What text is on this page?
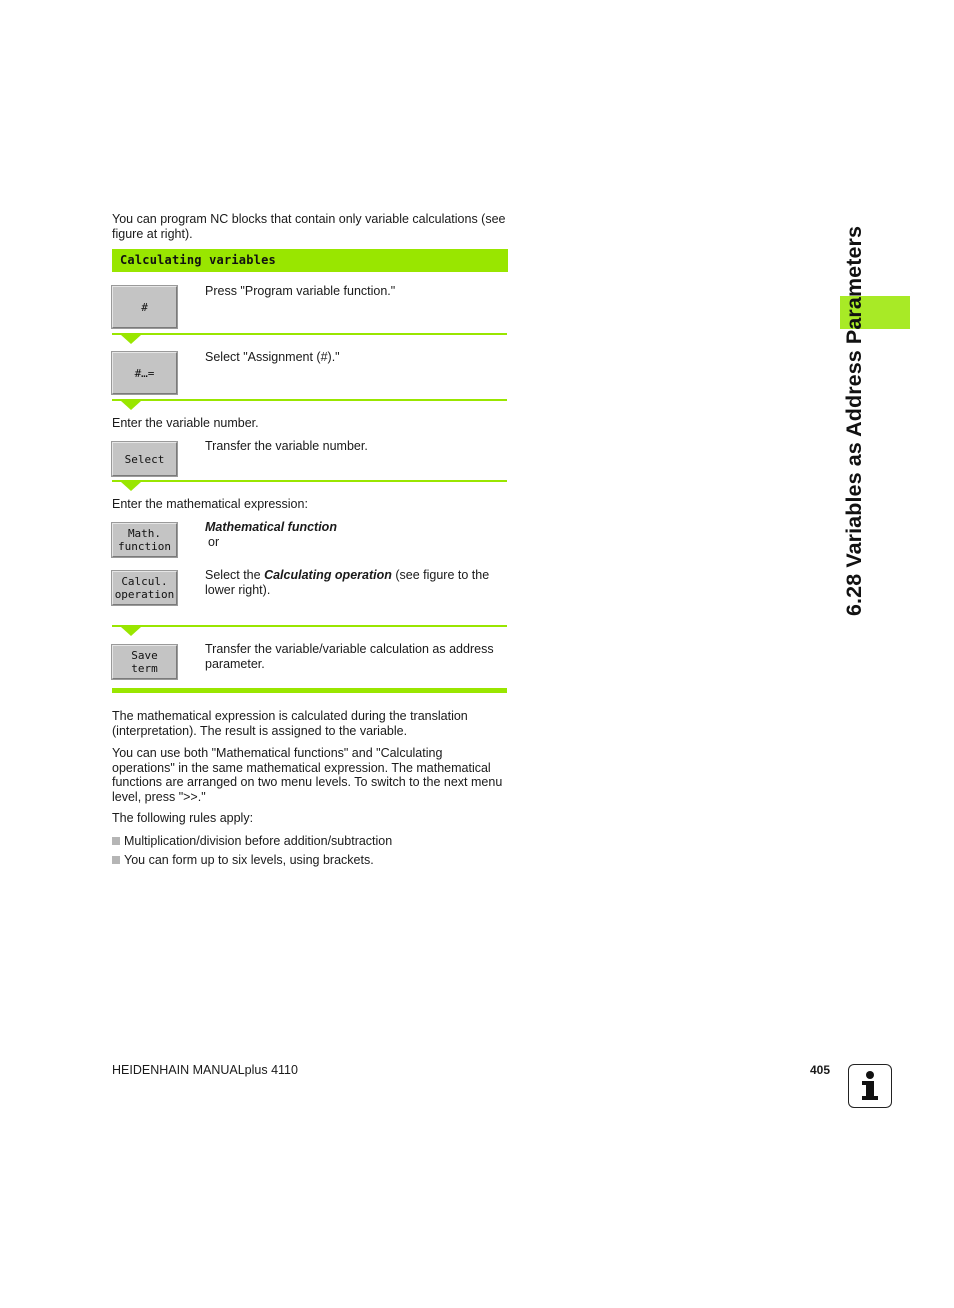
You can program NC blocks that contain only variable calculations (see figure at right).
Calculating variables
#
Press "Program variable function."
#…=
Select "Assignment (#)."
Enter the variable number.
Select
Transfer the variable number.
Enter the mathematical expression:
Math.
function
Mathematical function
or
Calcul.
operation
Select the Calculating operation (see figure to the lower right).
Save
term
Transfer the variable/variable calculation as address parameter.
The mathematical expression is calculated during the translation (interpretation). The result is assigned to the variable.
You can use both "Mathematical functions" and "Calculating operations" in the same mathematical expression. The mathematical functions are arranged on two menu levels. To switch to the next menu level, press ">>."
The following rules apply:
Multiplication/division before addition/subtraction
You can form up to six levels, using brackets.
6.28 Variables as Address Parameters
HEIDENHAIN MANUALplus 4110	405
